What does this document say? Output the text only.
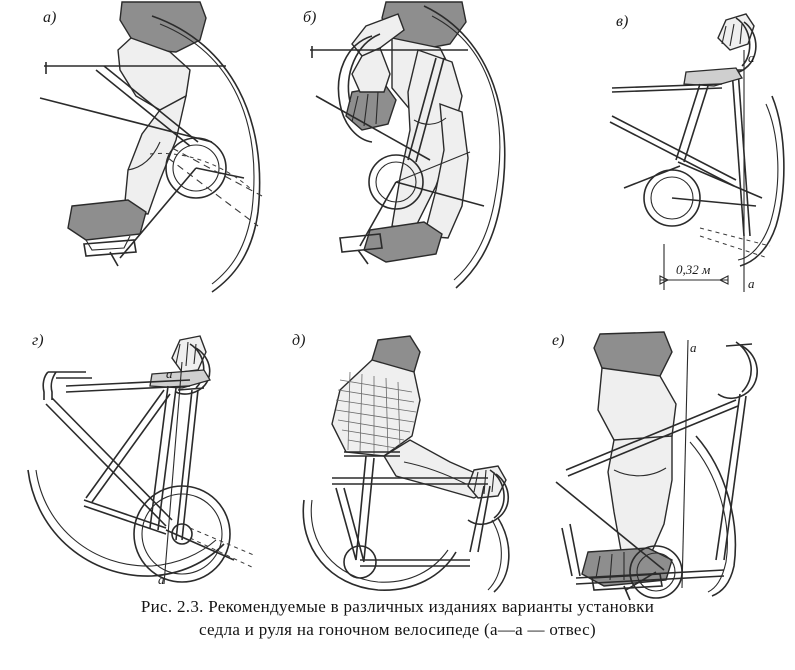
а)	б)	в)
а
а
0,32 м
г)
а
а
д)	е)	а
Рис. 2.3. Рекомендуемые в различных изданиях варианты установки
седла и руля на гоночном велосипеде (а—а — отвес)
